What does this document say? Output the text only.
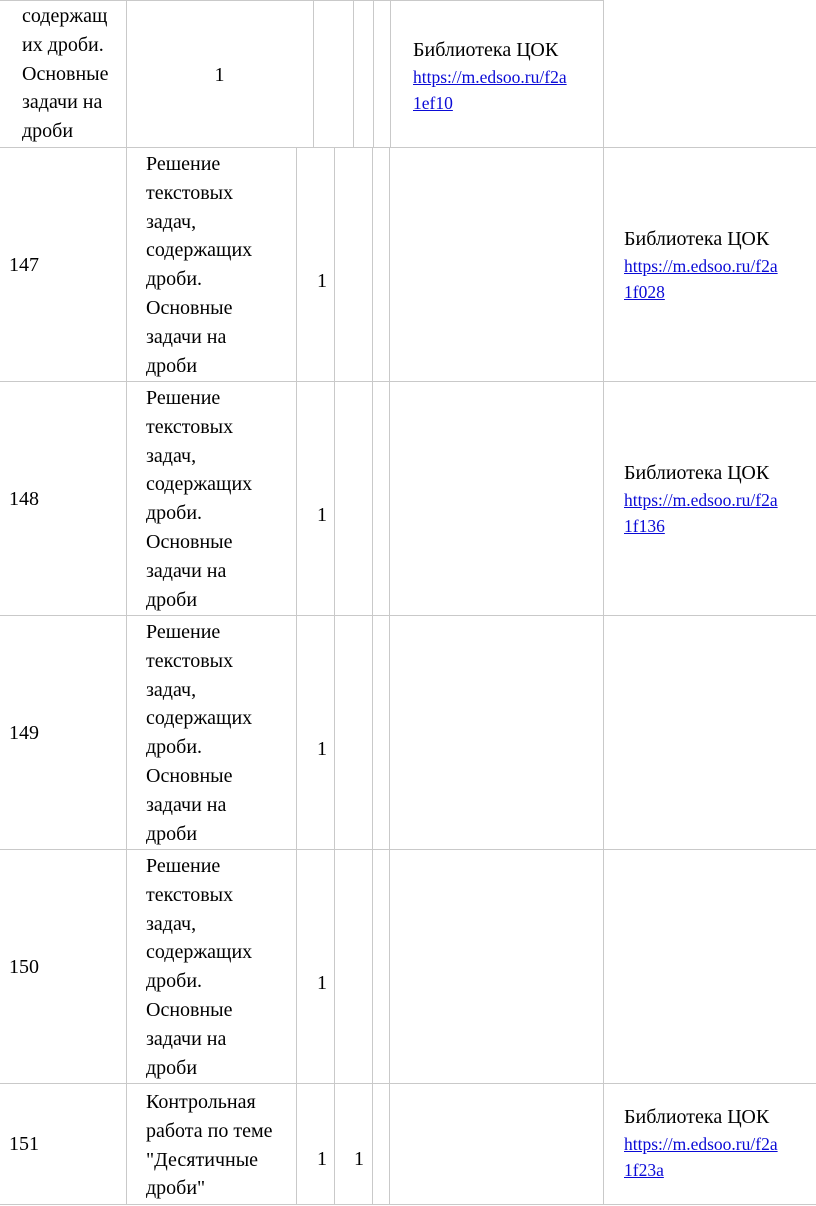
содержащ
их дроби.
Основные
задачи на
дроби
1
Библиотека ЦОК
https://m.edsoo.ru/f2a
1ef10
147
Решение
текстовых
задач,
содержащих
дроби.
Основные
задачи на
дроби
1
Библиотека ЦОК
https://m.edsoo.ru/f2a
1f028
148
Решение
текстовых
задач,
содержащих
дроби.
Основные
задачи на
дроби
1
Библиотека ЦОК
https://m.edsoo.ru/f2a
1f136
149
Решение
текстовых
задач,
содержащих
дроби.
Основные
задачи на
дроби
1
150
Решение
текстовых
задач,
содержащих
дроби.
Основные
задачи на
дроби
1
151
Контрольная
работа по теме
"Десятичные
дроби"
1	1
Библиотека ЦОК
https://m.edsoo.ru/f2a
1f23a
